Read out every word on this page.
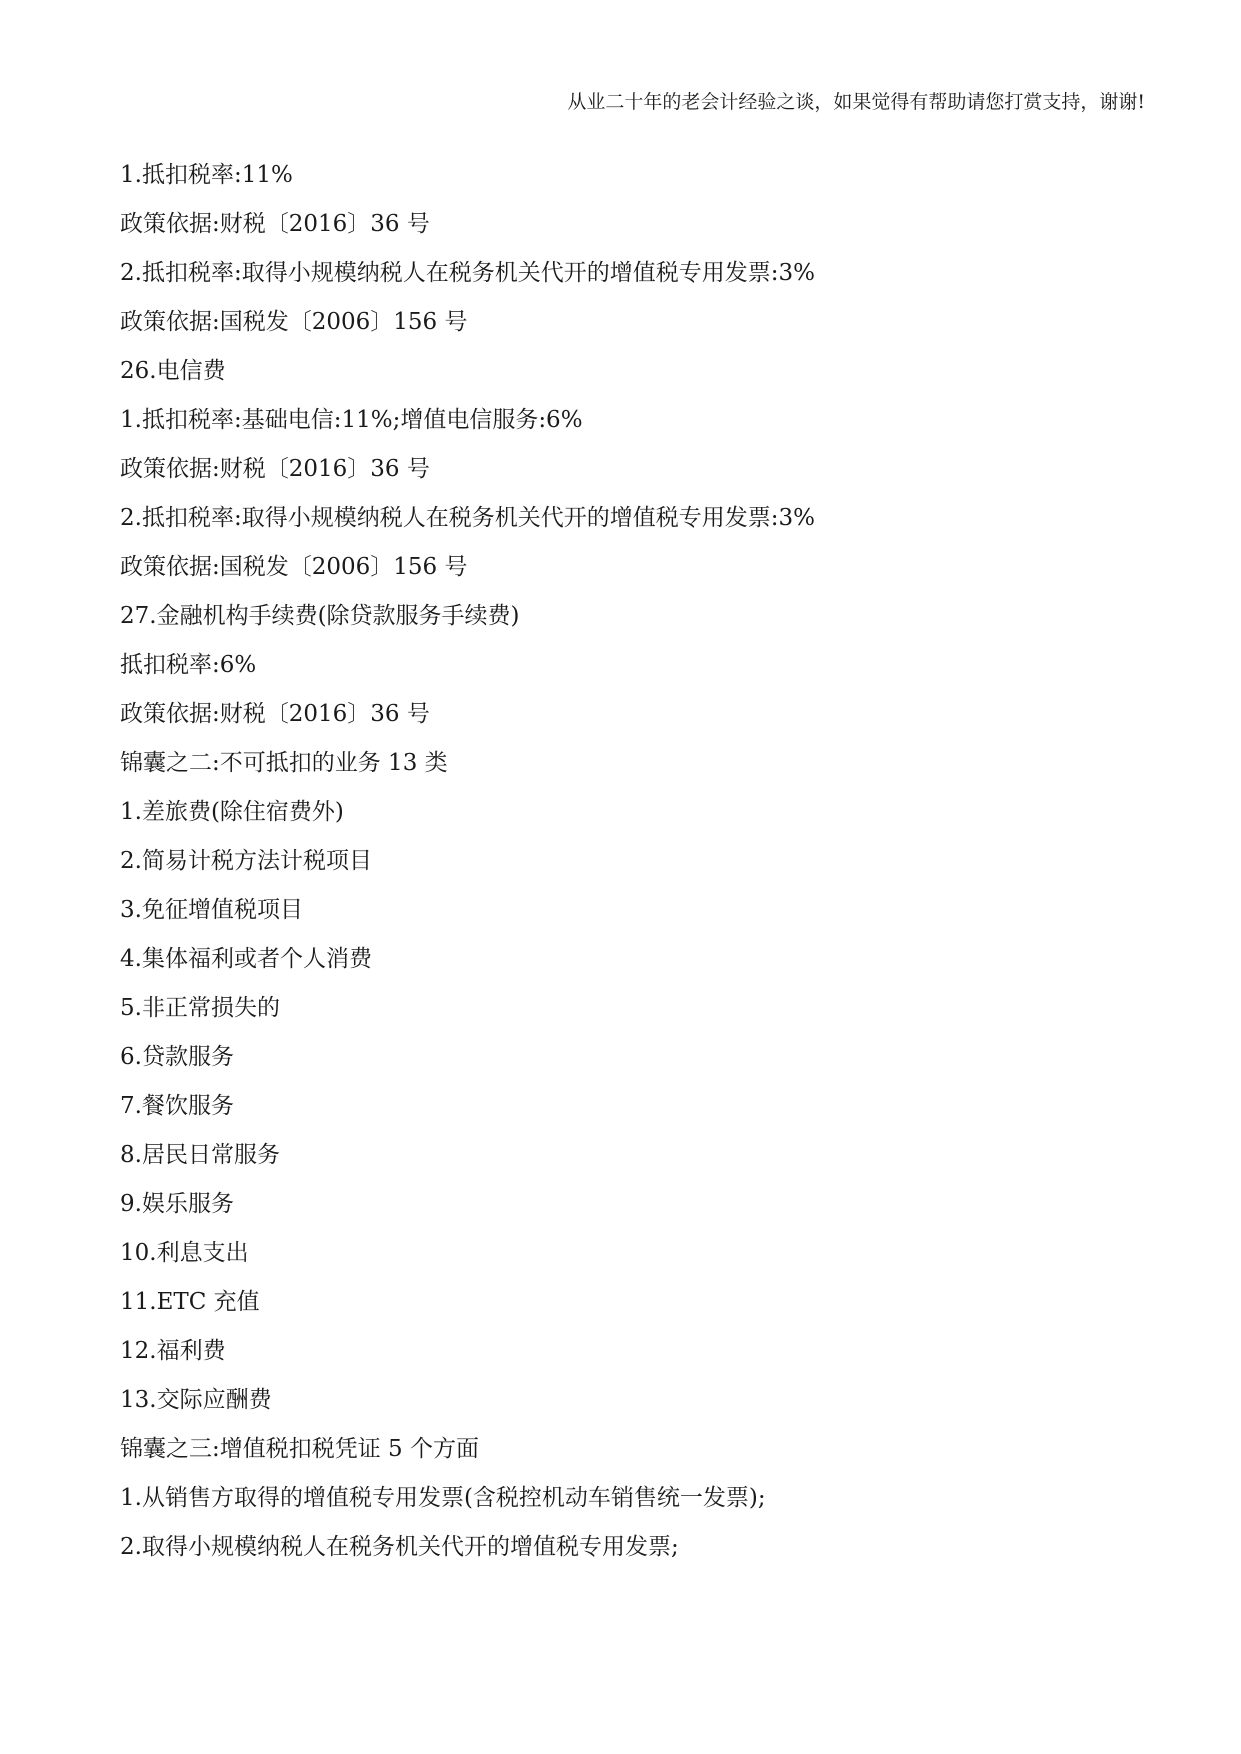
从业二十年的老会计经验之谈，如果觉得有帮助请您打赏支持，谢谢!
1.抵扣税率:11%
政策依据:财税〔2016〕36 号
2.抵扣税率:取得小规模纳税人在税务机关代开的增值税专用发票:3%
政策依据:国税发〔2006〕156 号
26.电信费
1.抵扣税率:基础电信:11%;增值电信服务:6%
政策依据:财税〔2016〕36 号
2.抵扣税率:取得小规模纳税人在税务机关代开的增值税专用发票:3%
政策依据:国税发〔2006〕156 号
27.金融机构手续费(除贷款服务手续费)
抵扣税率:6%
政策依据:财税〔2016〕36 号
锦囊之二:不可抵扣的业务 13 类
1.差旅费(除住宿费外)
2.简易计税方法计税项目
3.免征增值税项目
4.集体福利或者个人消费
5.非正常损失的
6.贷款服务
7.餐饮服务
8.居民日常服务
9.娱乐服务
10.利息支出
11.ETC 充值
12.福利费
13.交际应酬费
锦囊之三:增值税扣税凭证 5 个方面
1.从销售方取得的增值税专用发票(含税控机动车销售统一发票);
2.取得小规模纳税人在税务机关代开的增值税专用发票;
